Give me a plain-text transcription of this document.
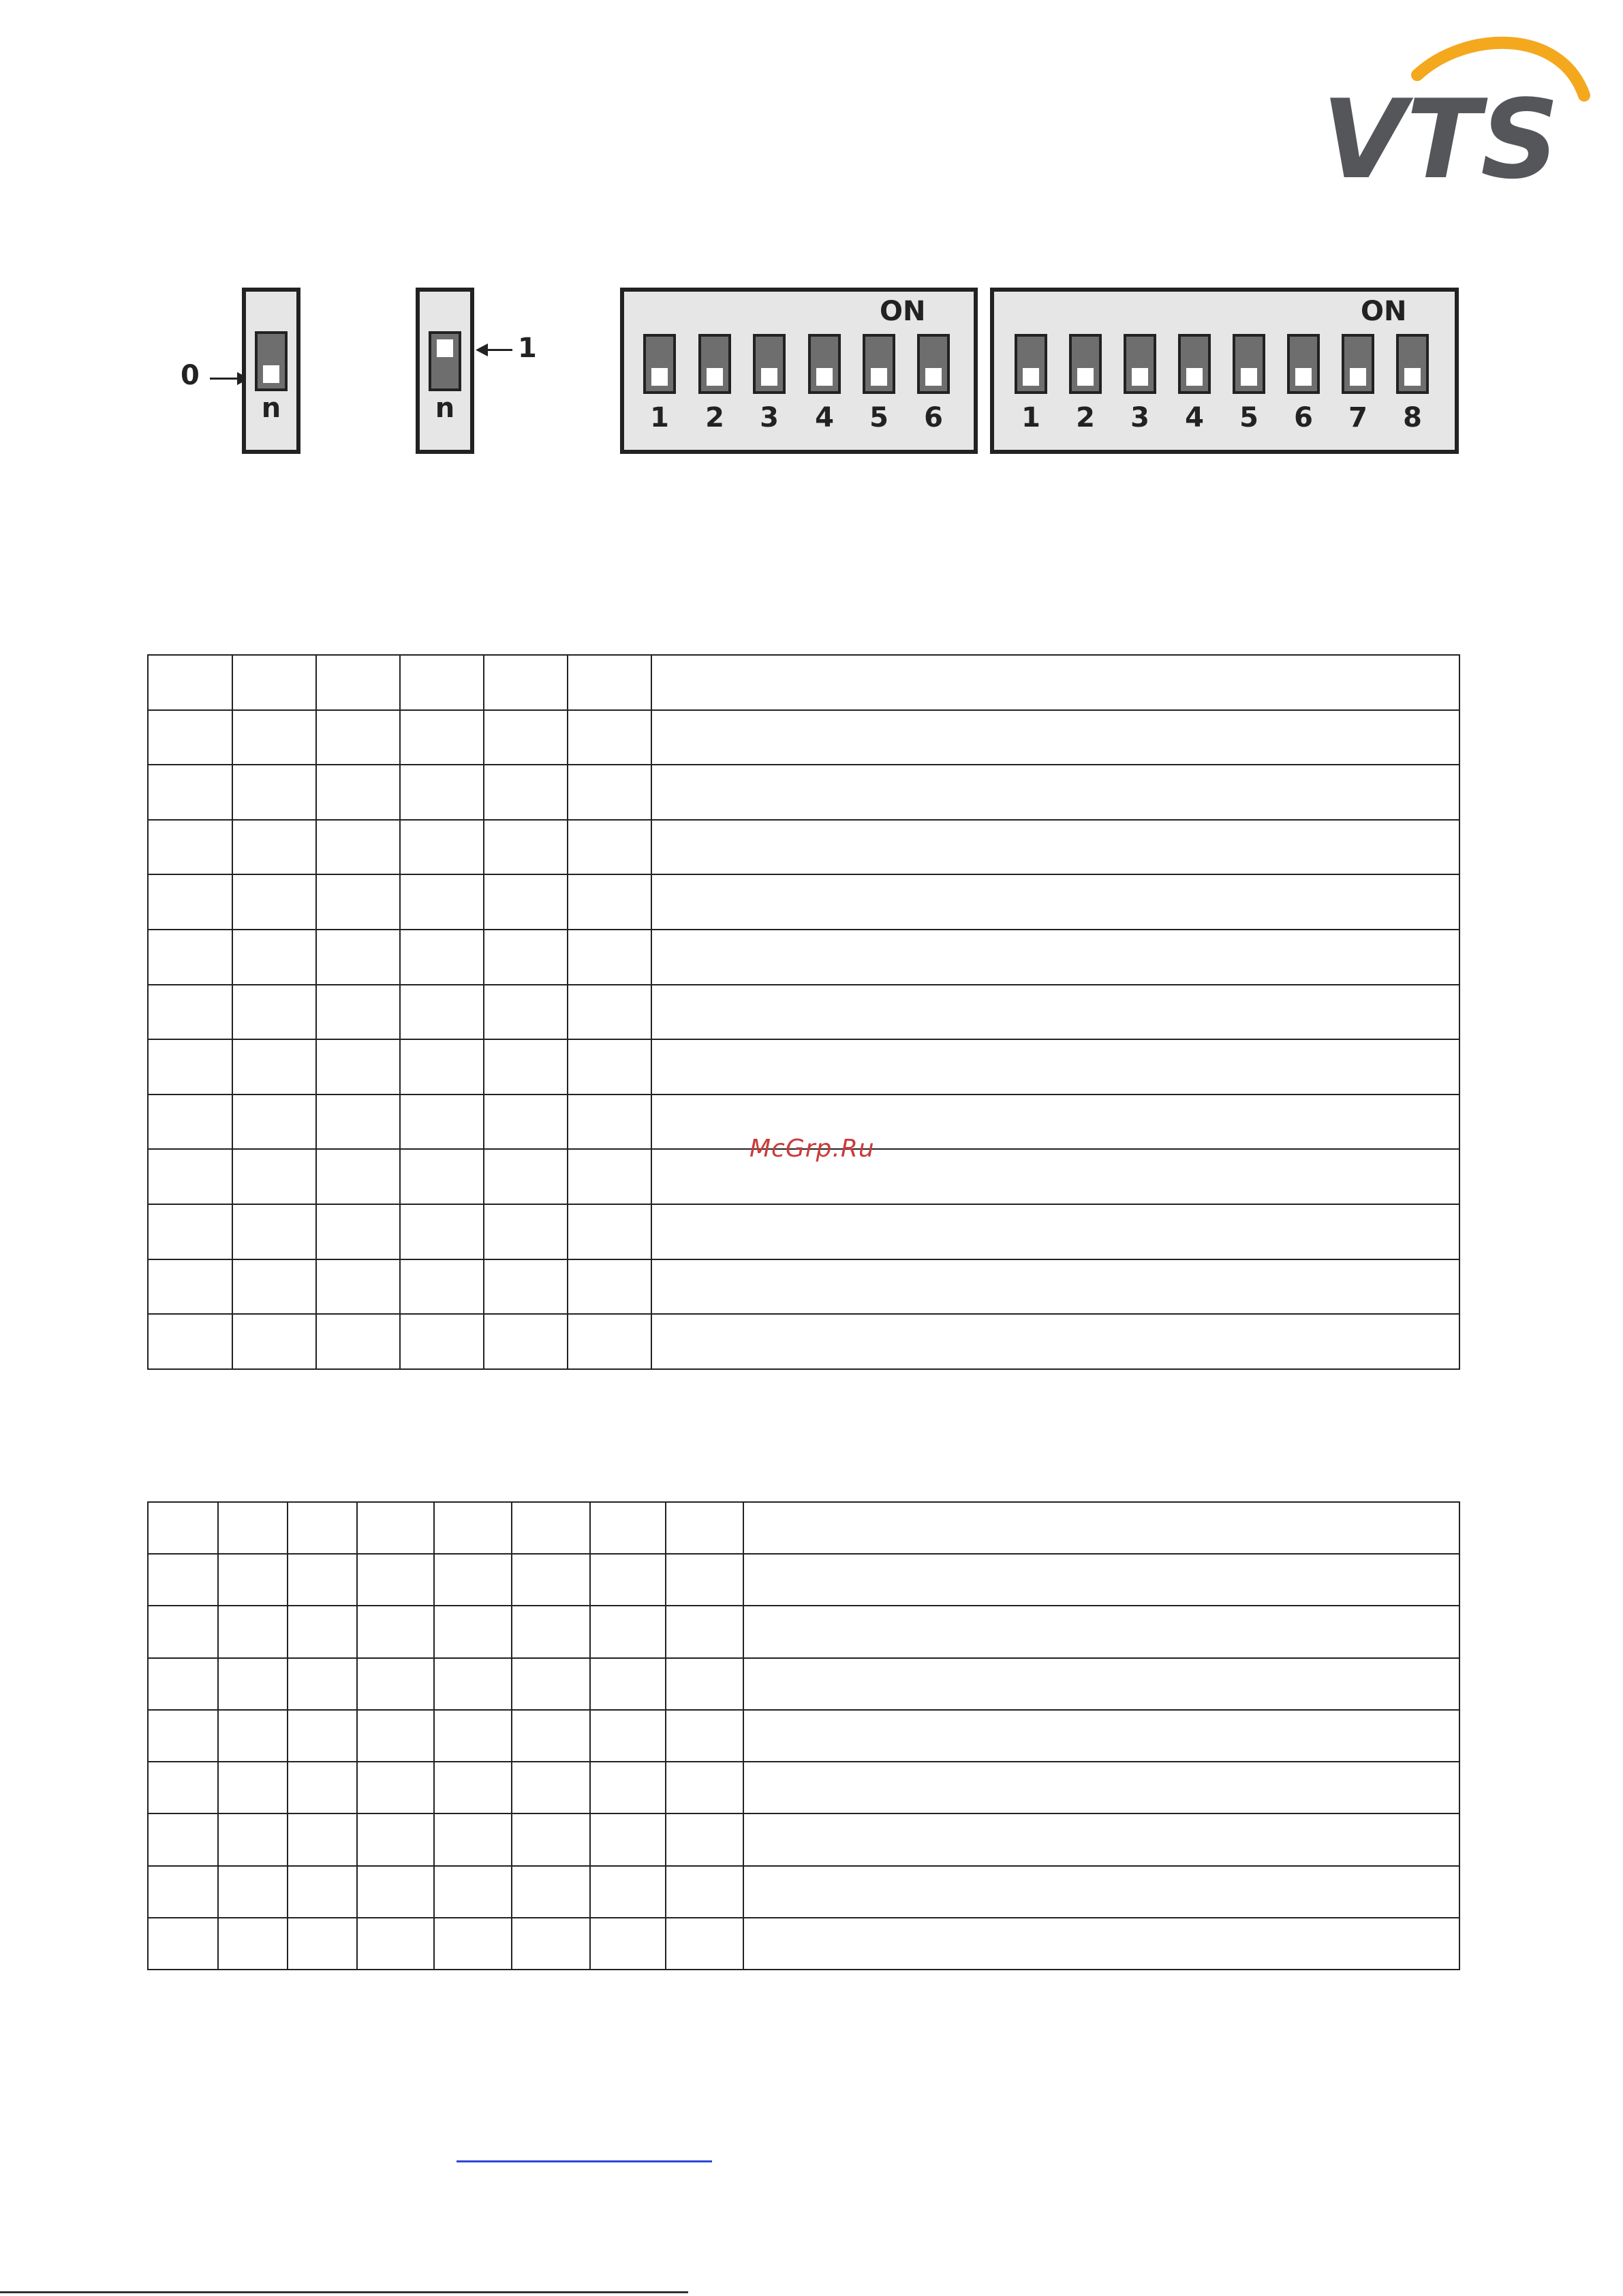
VTS
0
n	n
1
ON
1	2	3	4	5	6
ON
1	2	3	4	5	6	7	8

McGrp.Ru
